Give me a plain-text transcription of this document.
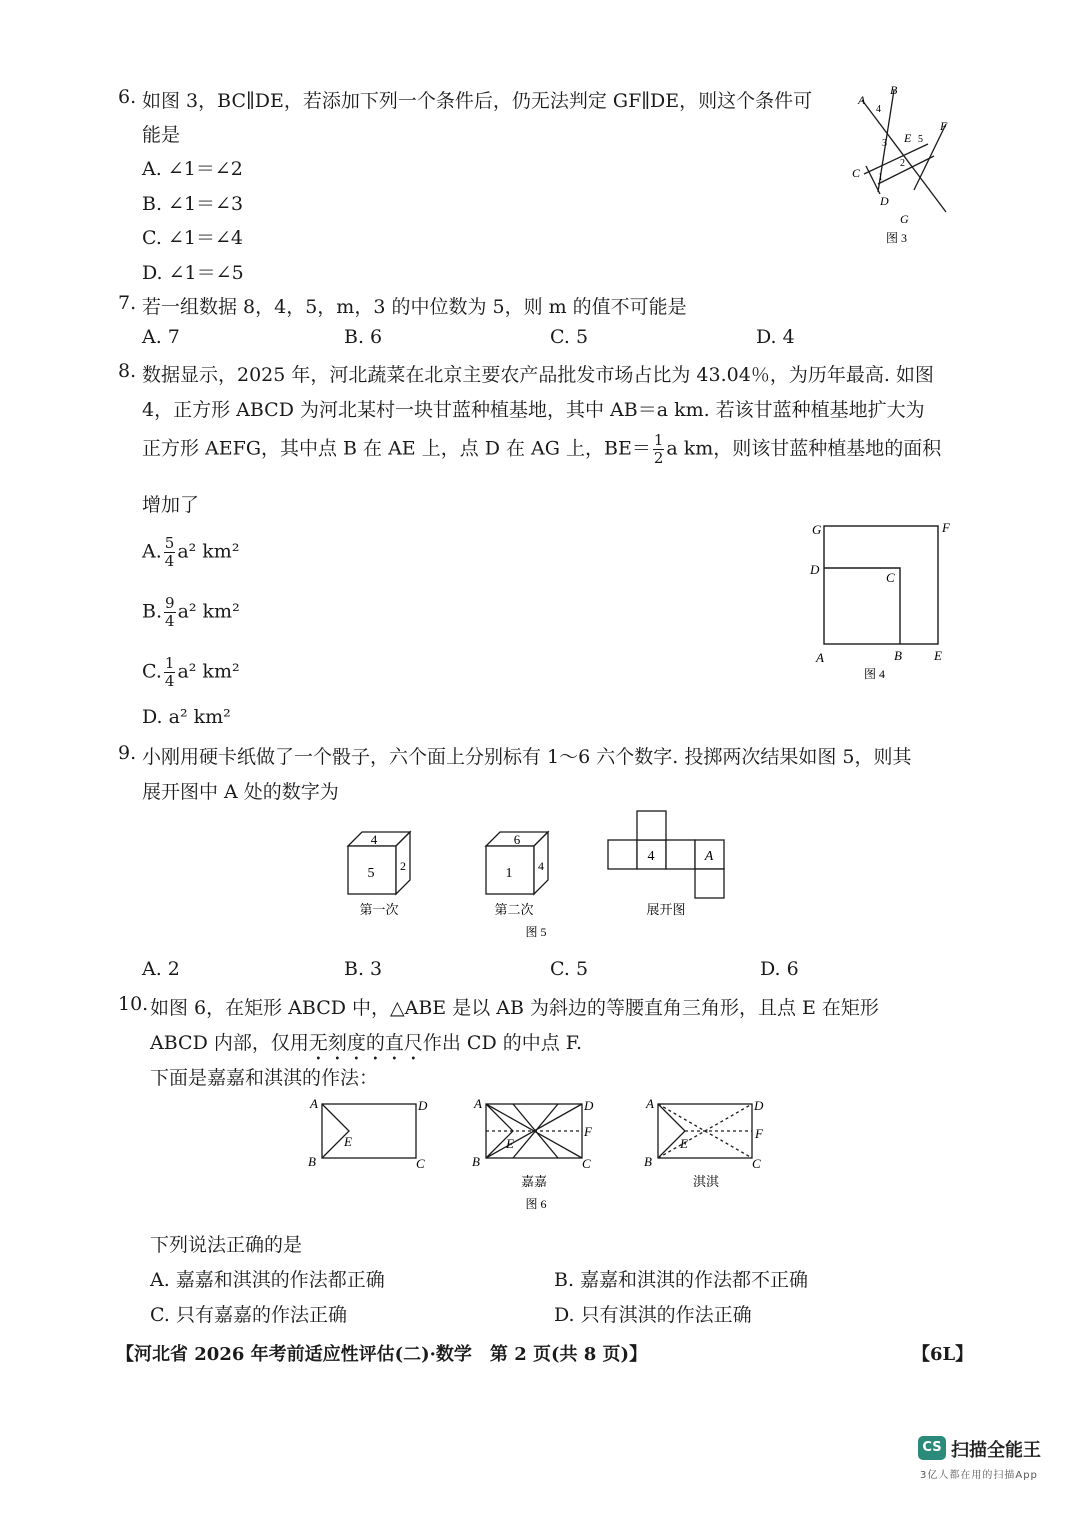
6. 如图 3，BC∥DE，若添加下列一个条件后，仍无法判定 GF∥DE，则这个条件可
能是
A. ∠1＝∠2
B. ∠1＝∠3
C. ∠1＝∠4
D. ∠1＝∠5
A
B
C
D
E
F
G
4
3
2
5
1
图 3
7. 若一组数据 8，4，5，m，3 的中位数为 5，则 m 的值不可能是
A. 7	B. 6	C. 5	D. 4
8. 数据显示，2025 年，河北蔬菜在北京主要农产品批发市场占比为 43.04％，为历年最高. 如图
4，正方形 ABCD 为河北某村一块甘蓝种植基地，其中 AB＝a km. 若该甘蓝种植基地扩大为
正方形 AEFG，其中点 B 在 AE 上，点 D 在 AG 上，$BE= \frac{1}{2}$ a km，则该甘蓝种植基地的面积
增加了
A. $\frac{5}{4} a^2$ km²
B. $\frac{9}{4} a^2$ km²
C. $\frac{1}{4} a^2$ km²
D. a² km²
G	F
D
C
A	B E
图 4
9. 小刚用硬卡纸做了一个骰子，六个面上分别标有 1～6 六个数字. 投掷两次结果如图 5，则其
展开图中 A 处的数字为
4
5 2
第一次
6
1 4
第二次
4	A
展开图
图 5
A. 2	B. 3	C. 5	D. 6
10. 如图 6，在矩形 ABCD 中，△ABE 是以 AB 为斜边的等腰直角三角形，且点 E 在矩形
ABCD 内部，仅用无刻度的直尺作出 CD 的中点 F.
下面是嘉嘉和淇淇的作法：
A	D
B	C
E
A	D
B	C
F
E
嘉嘉
A	D
B	C
F
E
淇淇
图 6
下列说法正确的是
A. 嘉嘉和淇淇的作法都正确	B. 嘉嘉和淇淇的作法都不正确
C. 只有嘉嘉的作法正确	D. 只有淇淇的作法正确
【河北省 2026 年考前适应性评估(二)·数学　第 2 页(共 8 页)】	【6L】
CS 扫描全能王
3亿人都在用的扫描App
